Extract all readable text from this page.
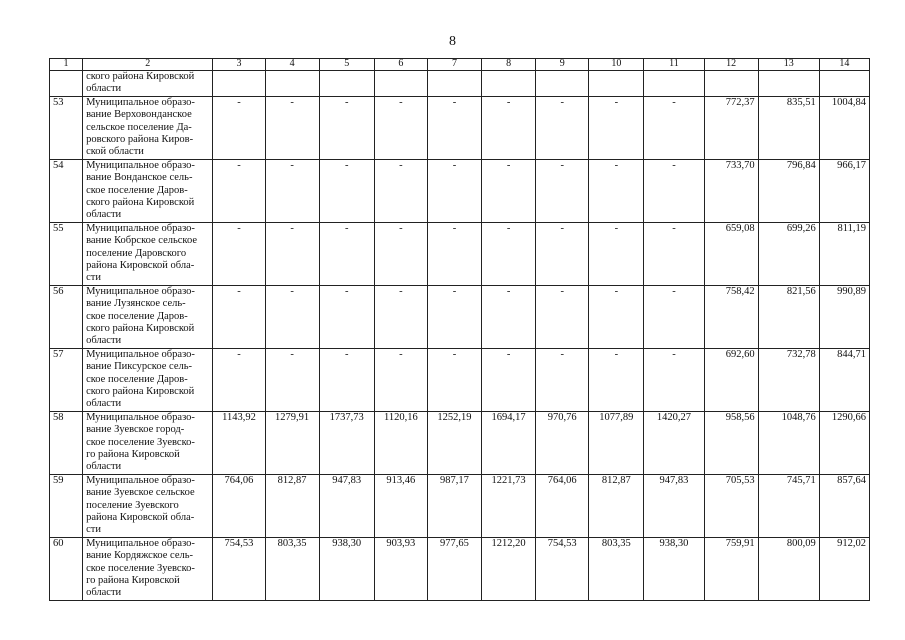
8
1	2	3	4	5	6	7	8	9	10	11	12	13	14
	ского района Кировской
области												
53	Муниципальное образо-
вание Верховонданское
сельское поселение Да-
ровского района Киров-
ской области	-	-	-	-	-	-	-	-	-	772,37	835,51	1004,84
54	Муниципальное образо-
вание Вонданское сель-
ское поселение Даров-
ского района Кировской
области	-	-	-	-	-	-	-	-	-	733,70	796,84	966,17
55	Муниципальное образо-
вание Кобрское сельское
поселение Даровского
района Кировской обла-
сти	-	-	-	-	-	-	-	-	-	659,08	699,26	811,19
56	Муниципальное образо-
вание Лузянское сель-
ское поселение Даров-
ского района Кировской
области	-	-	-	-	-	-	-	-	-	758,42	821,56	990,89
57	Муниципальное образо-
вание Пиксурское сель-
ское поселение Даров-
ского района Кировской
области	-	-	-	-	-	-	-	-	-	692,60	732,78	844,71
58	Муниципальное образо-
вание Зуевское город-
ское поселение Зуевско-
го района Кировской
области	1143,92	1279,91	1737,73	1120,16	1252,19	1694,17	970,76	1077,89	1420,27	958,56	1048,76	1290,66
59	Муниципальное образо-
вание Зуевское сельское
поселение Зуевского
района Кировской обла-
сти	764,06	812,87	947,83	913,46	987,17	1221,73	764,06	812,87	947,83	705,53	745,71	857,64
60	Муниципальное образо-
вание Кордяжское сель-
ское поселение Зуевско-
го района Кировской
области	754,53	803,35	938,30	903,93	977,65	1212,20	754,53	803,35	938,30	759,91	800,09	912,02
